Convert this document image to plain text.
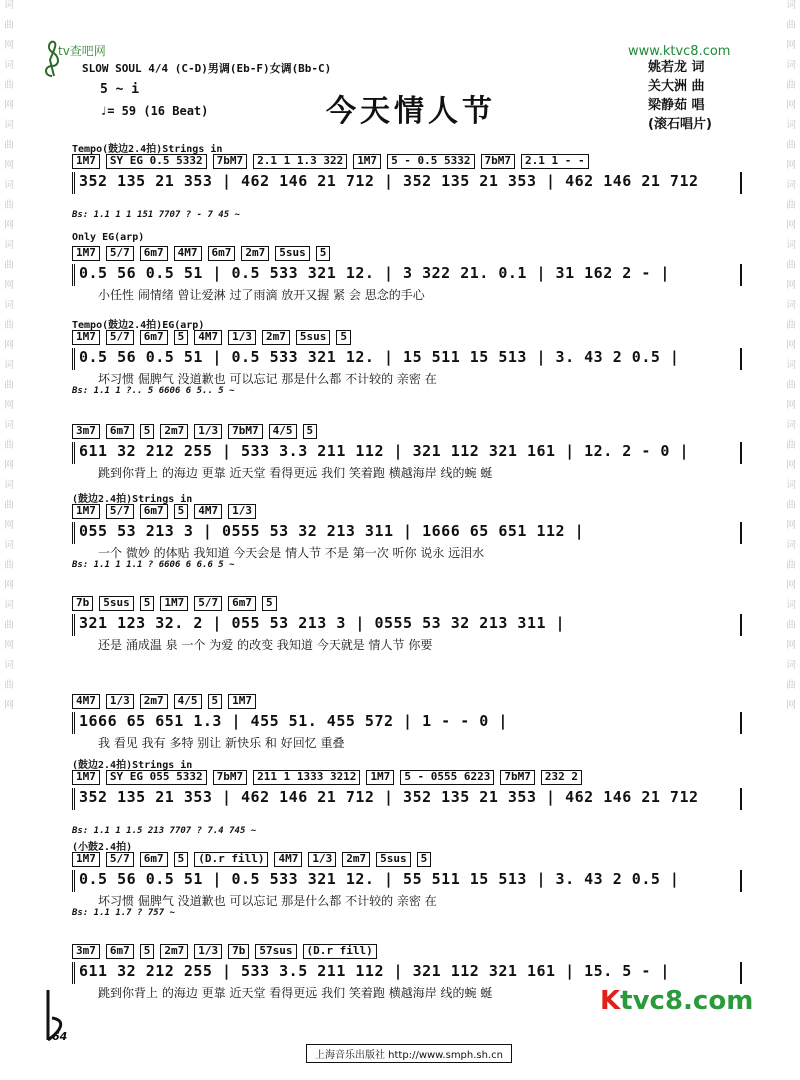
词
曲
网
词
曲
网
词
曲
网
词
曲
网
词
曲
网
词
曲
网
词
曲
网
词
曲
网
词
曲
网
词
曲
网
词
曲
网
词
曲
网
词
曲
网
词
曲
网
词
曲
网
词
曲
网
词
曲
网
词
曲
网
词
曲
网
词
曲
网
词
曲
网
词
曲
网
词
曲
网
词
曲
网
tv查吧网	www.ktvc8.com
SLOW SOUL 4/4 (C-D)男调(Eb-F)女调(Bb-C)
5 ~ i
♩= 59 (16 Beat)	今天情人节
姚若龙 词
关大洲 曲
梁静茹 唱
(滚石唱片)
Tempo(鼓边2.4拍)Strings in
1M7	SY EG 0.5 5332	7bM7	2.1 1 1.3 322	1M7	5 - 0.5 5332	7bM7	2.1 1 - -
352 135 21 353 | 462 146 21 712 | 352 135 21 353 | 462 146 21 712
Bs: 1.1 1 1 151 7707 ? - 7 45 ~
Only EG(arp)
1M7	5/7	6m7	4M7	6m7	2m7	5sus	5
0.5 56 0.5 51 | 0.5 533 321 12. | 3 322 21. 0.1 | 31 162 2 - |
小任性 闹情绪 曾让爱淋 过了雨滴 放开又握 紧 会 思念的手心
Tempo(鼓边2.4拍)EG(arp)
1M7	5/7	6m7	5	4M7	1/3	2m7	5sus	5
0.5 56 0.5 51 | 0.5 533 321 12. | 15 511 15 513 | 3. 43 2 0.5 |
坏习惯 倔脾气 没道歉也 可以忘记 那是什么都 不计较的 亲密 在
Bs: 1.1 1 ?.. 5 6606 6 5.. 5 ~
3m7	6m7	5	2m7	1/3	7bM7	4/5	5
611 32 212 255 | 533 3.3 211 112 | 321 112 321 161 | 12. 2 - 0 |
跳到你背上 的海边 更靠 近天堂 看得更远 我们 笑着跑 横越海岸 线的蜿 蜒
(鼓边2.4拍)Strings in
1M7	5/7	6m7	5	4M7	1/3
055 53 213 3 | 0555 53 32 213 311 | 1666 65 651 112 |
一个 微妙 的体贴 我知道 今天会是 情人节 不是 第一次 听你 说永 远泪水
Bs: 1.1 1 1.1 ? 6606 6 6.6 5 ~
7b	5sus	5	1M7	5/7	6m7	5
321 123 32. 2 | 055 53 213 3 | 0555 53 32 213 311 |
还是 涌成温 泉 一个 为爱 的改变 我知道 今天就是 情人节 你要
4M7	1/3	2m7	4/5	5	1M7
1666 65 651 1.3 | 455 51. 455 572 | 1 - - 0 |
我 看见 我有 多特 别让 新快乐 和 好回忆 重叠
(鼓边2.4拍)Strings in
1M7	SY EG 055 5332	7bM7	211 1 1333 3212	1M7	5 - 0555 6223	7bM7	232 2
352 135 21 353 | 462 146 21 712 | 352 135 21 353 | 462 146 21 712
Bs: 1.1 1 1.5 213 7707 ? 7.4 745 ~
(小鼓2.4拍)
1M7	5/7	6m7	5	(D.r fill)	4M7	1/3	2m7	5sus	5
0.5 56 0.5 51 | 0.5 533 321 12. | 55 511 15 513 | 3. 43 2 0.5 |
坏习惯 倔脾气 没道歉也 可以忘记 那是什么都 不计较的 亲密 在
Bs: 1.1 1.7 ? 757 ~
3m7	6m7	5	2m7	1/3	7b	57sus	(D.r fill)
611 32 212 255 | 533 3.5 211 112 | 321 112 321 161 | 15. 5 - |
跳到你背上 的海边 更靠 近天堂 看得更远 我们 笑着跑 横越海岸 线的蜿 蜒
64
上海音乐出版社 http://www.smph.sh.cn
Ktvc8.com
